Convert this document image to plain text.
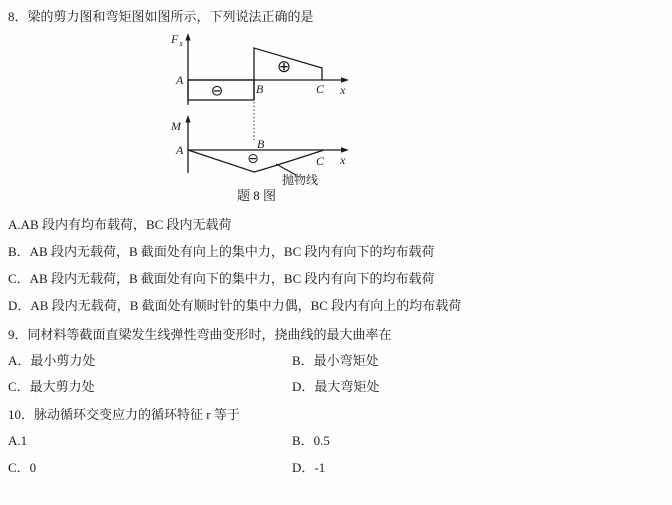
8．梁的剪力图和弯矩图如图所示，下列说法正确的是
F s
A
B	C x
⊖
⊕
M
A	B
C x
⊖
抛物线
题 8 图
A.AB 段内有均布载荷，BC 段内无载荷
B．AB 段内无载荷，B 截面处有向上的集中力，BC 段内有向下的均布载荷
C．AB 段内无载荷，B 截面处有向下的集中力，BC 段内有向下的均布载荷
D．AB 段内无载荷，B 截面处有顺时针的集中力偶，BC 段内有向上的均布载荷
9．同材料等截面直梁发生线弹性弯曲变形时，挠曲线的最大曲率在
A．最小剪力处	B．最小弯矩处
C．最大剪力处	D．最大弯矩处
10．脉动循环交变应力的循环特征 r 等于
A.1	B．0.5
C．0	D．-1
